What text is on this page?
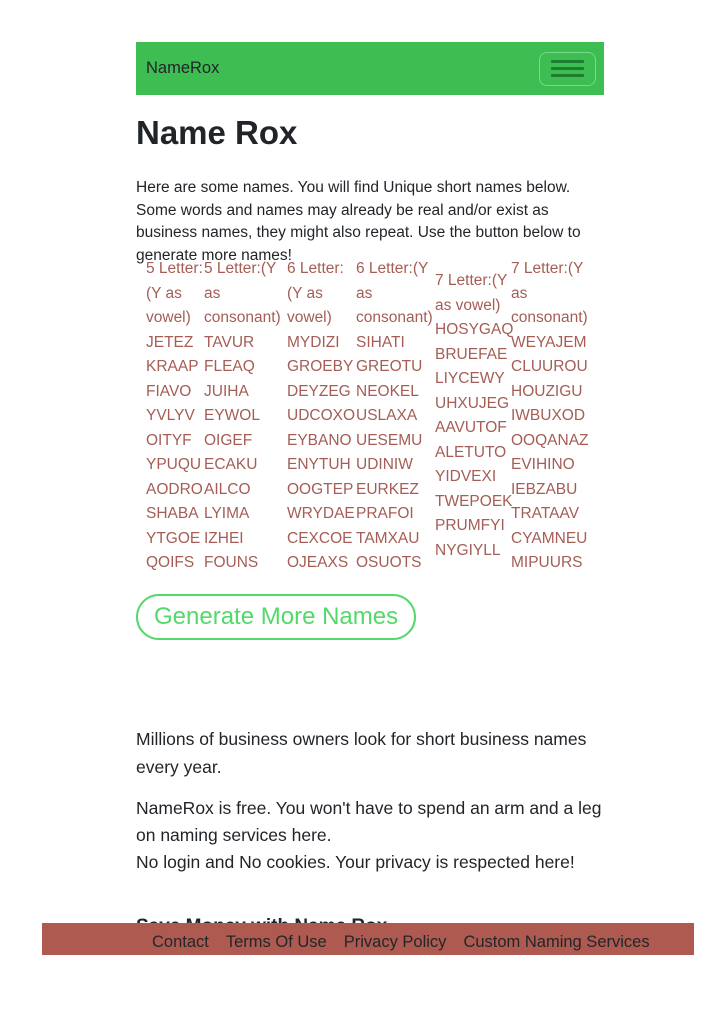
NameRox
Name Rox

Here are some names. You will find Unique short names below. Some words and names may already be real and/or exist as business names, they might also repeat. Use the button below to generate more names!

5 Letter:
(Y as
vowel)
JETEZ
KRAAP
FIAVO
YVLYV
OITYF
YPUQU
AODRO
SHABA
YTGOE
QOIFS
5 Letter:(Y
as
consonant)
TAVUR
FLEAQ
JUIHA
EYWOL
OIGEF
ECAKU
AILCO
LYIMA
IZHEI
FOUNS
6 Letter:
(Y as
vowel)
MYDIZI
GROEBY
DEYZEG
UDCOXO
EYBANO
ENYTUH
OOGTEP
WRYDAE
CEXCOE
OJEAXS
6 Letter:(Y
as
consonant)
SIHATI
GREOTU
NEOKEL
USLAXA
UESEMU
UDINIW
EURKEZ
PRAFOI
TAMXAU
OSUOTS
7 Letter:(Y
as vowel)
HOSYGAQ
BRUEFAE
LIYCEWY
UHXUJEG
AAVUTOF
ALETUTO
YIDVEXI
TWEPOEK
PRUMFYI
NYGIYLL
7 Letter:(Y
as
consonant)
WEYAJEM
CLUUROU
HOUZIGU
IWBUXOD
OOQANAZ
EVIHINO
IEBZABU
TRATAAV
CYAMNEU
MIPUURS
Generate More Names

Millions of business owners look for short business names every year.

NameRox is free. You won't have to spend an arm and a leg on naming services here.
No login and No cookies. Your privacy is respected here!
Contact Terms Of Use Privacy Policy Custom Naming Services
